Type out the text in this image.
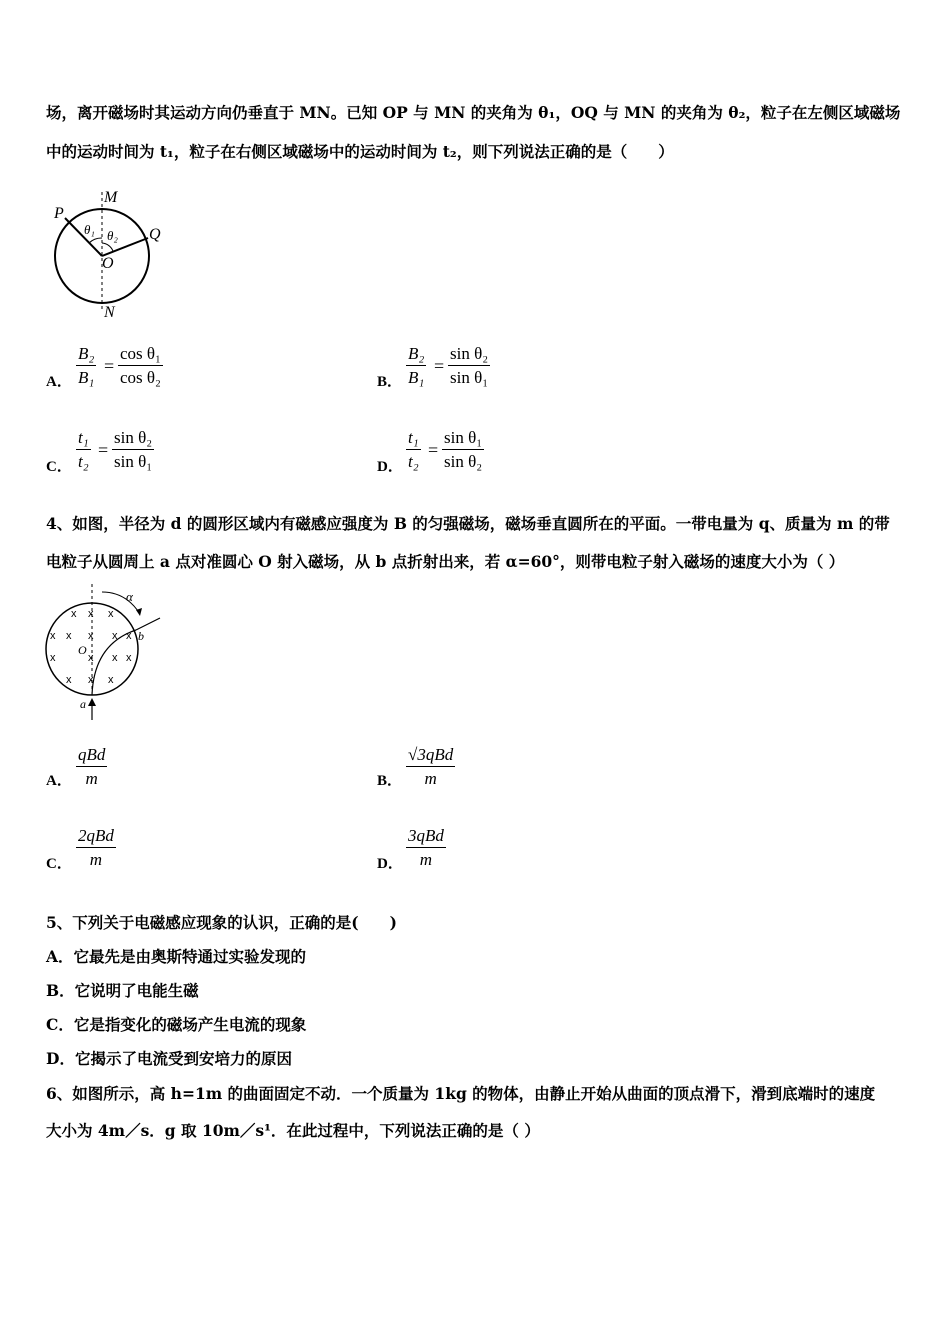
场，离开磁场时其运动方向仍垂直于 MN。已知 OP 与 MN 的夹角为 θ₁，OQ 与 MN 的夹角为 θ₂，粒子在左侧区域磁场
中的运动时间为 t₁，粒子在右侧区域磁场中的运动时间为 t₂，则下列说法正确的是（　　）
M
P
Q
O
N
θ₁ θ₂
A． $\frac{\text{B₂}}{\text{B₁}} = \frac{\text{cos θ₁}}{\text{cos θ₂}}$	B． $\frac{\text{B₂}}{\text{B₁}} = \frac{\text{sin θ₂}}{\text{sin θ₁}}$
C． $\frac{\text{t₁}}{\text{t₂}} = \frac{\text{sin θ₂}}{\text{sin θ₁}}$	D． $\frac{\text{t₁}}{\text{t₂}} = \frac{\text{sin θ₁}}{\text{sin θ₂}}$
4、如图，半径为 d 的圆形区域内有磁感应强度为 B 的匀强磁场，磁场垂直圆所在的平面。一带电量为 q、质量为 m 的带
电粒子从圆周上 a 点对准圆心 O 射入磁场，从 b 点折射出来，若 α=60°，则带电粒子射入磁场的速度大小为（ ）
α
b
O
a
x x x
x x x x x
x	x x x
x x x
A．
qBd
m	B．
√3qBd
m
C．
2qBd
m	D．
3qBd
m
5、下列关于电磁感应现象的认识，正确的是(　　)
A．它最先是由奥斯特通过实验发现的
B．它说明了电能生磁
C．它是指变化的磁场产生电流的现象
D．它揭示了电流受到安培力的原因
6、如图所示，高 h=1m 的曲面固定不动．一个质量为 1kg 的物体，由静止开始从曲面的顶点滑下，滑到底端时的速度
大小为 4m／s．g 取 10m／s¹．在此过程中，下列说法正确的是（ ）
